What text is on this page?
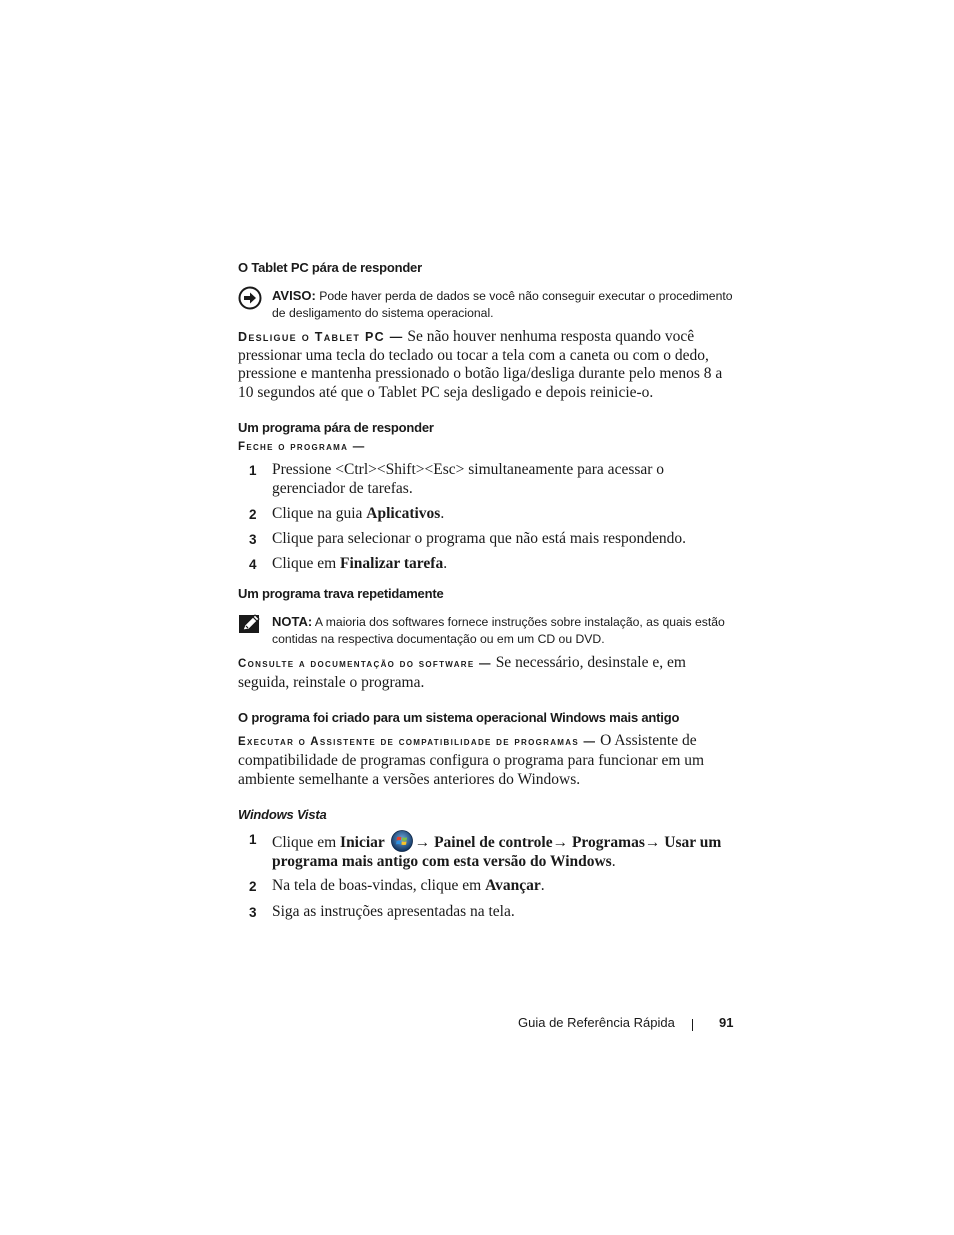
O Tablet PC pára de responder
AVISO: Pode haver perda de dados se você não conseguir executar o procedimento de desligamento do sistema operacional.

Desligue o Tablet PC — Se não houver nenhuma resposta quando você pressionar uma tecla do teclado ou tocar a tela com a caneta ou com o dedo, pressione e mantenha pressionado o botão liga/desliga durante pelo menos 8 a 10 segundos até que o Tablet PC seja desligado e depois reinicie-o.

Um programa pára de responder
Feche o programa —
1 Pressione <Ctrl><Shift><Esc> simultaneamente para acessar o gerenciador de tarefas.
2 Clique na guia Aplicativos.
3 Clique para selecionar o programa que não está mais respondendo.
4 Clique em Finalizar tarefa.
Um programa trava repetidamente
NOTA: A maioria dos softwares fornece instruções sobre instalação, as quais estão contidas na respectiva documentação ou em um CD ou DVD.

Consulte a documentação do software — Se necessário, desinstale e, em seguida, reinstale o programa.

O programa foi criado para um sistema operacional Windows mais antigo

Executar o Assistente de compatibilidade de programas — O Assistente de compatibilidade de programas configura o programa para funcionar em um ambiente semelhante a versões anteriores do Windows.

Windows Vista
1 Clique em Iniciar → Painel de controle→ Programas→ Usar um programa mais antigo com esta versão do Windows.
2 Na tela de boas-vindas, clique em Avançar.
3 Siga as instruções apresentadas na tela.
Guia de Referência Rápida	91
